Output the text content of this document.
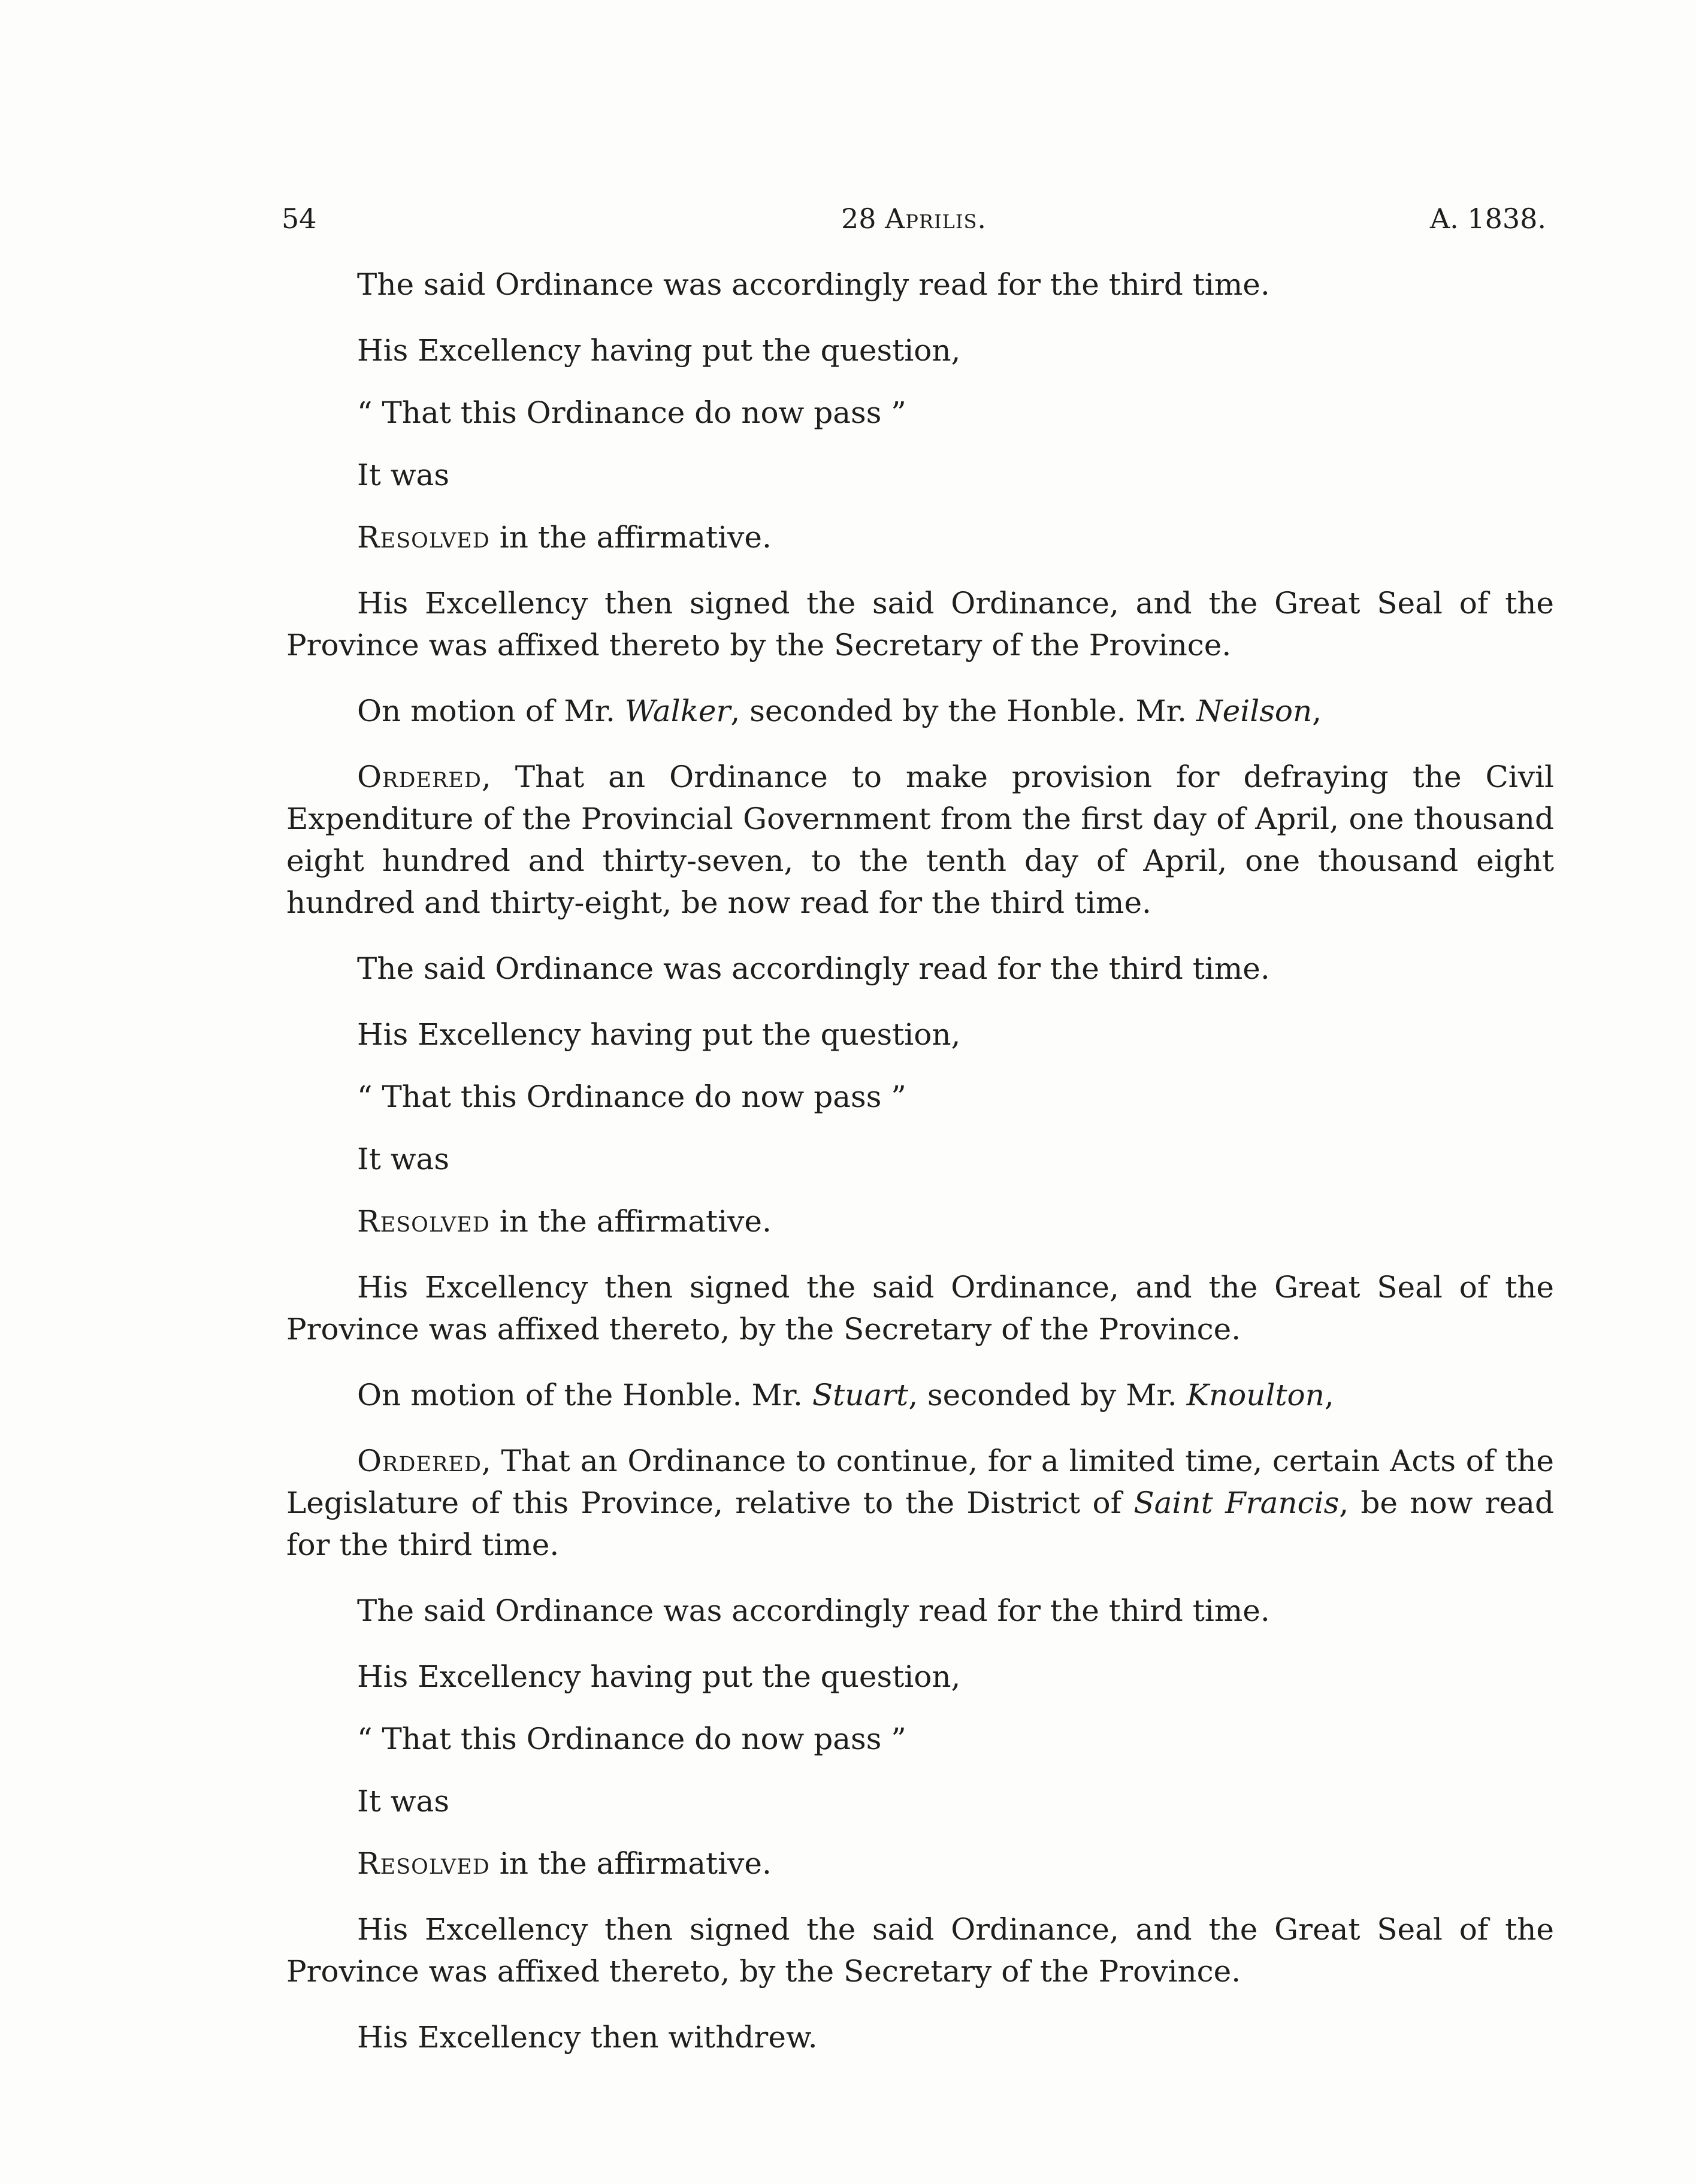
54	28 Aprilis.	A. 1838.

The said Ordinance was accordingly read for the third time.

His Excellency having put the question,

“ That this Ordinance do now pass ”

It was

Resolved in the affirmative.

His Excellency then signed the said Ordinance, and the Great Seal of the Province was affixed thereto by the Secretary of the Province.

On motion of Mr. Walker, seconded by the Honble. Mr. Neilson,

Ordered, That an Ordinance to make provision for defraying the Civil Expenditure of the Provincial Government from the first day of April, one thousand eight hundred and thirty-seven, to the tenth day of April, one thousand eight hundred and thirty-eight, be now read for the third time.

The said Ordinance was accordingly read for the third time.

His Excellency having put the question,

“ That this Ordinance do now pass ”

It was

Resolved in the affirmative.

His Excellency then signed the said Ordinance, and the Great Seal of the Province was affixed thereto, by the Secretary of the Province.

On motion of the Honble. Mr. Stuart, seconded by Mr. Knoulton,

Ordered, That an Ordinance to continue, for a limited time, certain Acts of the Legislature of this Province, relative to the District of Saint Francis, be now read for the third time.

The said Ordinance was accordingly read for the third time.

His Excellency having put the question,

“ That this Ordinance do now pass ”

It was

Resolved in the affirmative.

His Excellency then signed the said Ordinance, and the Great Seal of the Province was affixed thereto, by the Secretary of the Province.

His Excellency then withdrew.
